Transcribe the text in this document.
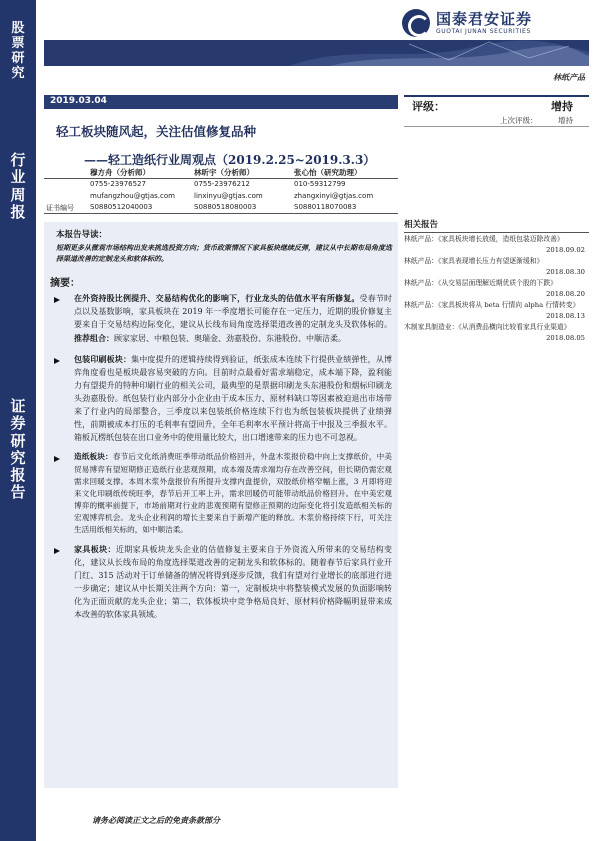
股
票
研
究
行
业
周
报
证
券
研
究
报
告
国泰君安证券
GUOTAI JUNAN SECURITIES
林纸产品
2019.03.04
轻工板块随风起，关注估值修复品种
——轻工造纸行业周观点（2019.2.25~2019.3.3）
评级：	增持
上次评级：	增持
穆方舟（分析师）	林昕宇（分析师）	张心怡（研究助理）
0755-23976527	0755-23976212	010-59312799
mufangzhou@gtjas.com	linxinyu@gtjas.com	zhangxinyi@gtjas.com
证书编号 S0880512040003	S0880518080003	S0880118070083
相关报告
林纸产品：《家具板块增长放缓，造纸包装迈除改善》
2018.09.02
林纸产品：《家具表现增长压力有望逐渐缓和》
2018.08.30
林纸产品：《从交易层面理解近期优质个股的下跌》
2018.08.20
林纸产品：《家具板块将从 beta 行情向 alpha 行情转变》
2018.08.13
木制家具制造业：《从消费品横向比较看家具行业渠道》
2018.08.05
本报告导读：
短期更多从微观市场结构出发来挑选投资方向；货币政策情况下家具板块继续反弹，建议从中长期布局角度选择渠道改善的定制龙头和软体标的。
摘要：
在外资持股比例提升、交易结构优化的影响下，行业龙头的估值水平有所修复。受春节时点以及基数影响，家具板块在 2019 年一季度增长可能存在一定压力，近期的股价修复主要来自于交易结构边际变化，建议从长线布局角度选择渠道改善的定制龙头及软体标的。推荐组合：顾家家居、中粮包装、奥瑞金、劲嘉股份、东港股份、中顺洁柔。
包装印刷板块：集中度提升的逻辑持续得到验证，纸张成本连续下行提供业绩弹性，从博弈角度看也是板块最容易突破的方向。目前时点最看好需求端稳定，成本端下降，盈利能力有望提升的特种印刷行业的相关公司，最典型的是票据印刷龙头东港股份和烟标印刷龙头劲嘉股份。纸包装行业内部分小企业由于成本压力、原材料缺口等因素被迫退出市场带来了行业内的局部整合，三季度以来包装纸价格连续下行也为纸包装板块提供了业绩弹性，前期被成本打压的毛利率有望回升，全年毛利率水平预计将高于中报及三季报水平。箱板瓦楞纸包装在出口业务中的使用量比较大，出口增速带来的压力也不可忽视。
造纸板块：春节后文化纸消费旺季带动纸品价格回升，外盘木浆报价稳中向上支撑纸价，中美贸易博弈有望短期修正造纸行业悲观预期，成本端及需求端均存在改善空间，但长期仍需宏观需求回暖支撑。本周木浆外盘报价有所提升支撑内盘提价，双胶纸价格窄幅上涨，3 月即将迎来文化印刷纸传统旺季，春节后开工率上升，需求回暖仍可能带动纸品价格回升。在中美宏观博弈的概率前提下，市场前期对行业的悲观预期有望修正预期的边际变化将引发造纸相关标的宏观博弈机会。龙头企业利润的增长主要来自于新增产能的释放。木浆价格持续下行，可关注生活用纸相关标的，如中顺洁柔。
家具板块：近期家具板块龙头企业的估值修复主要来自于外资流入所带来的交易结构变化，建议从长线布局的角度选择渠道改善的定制龙头和软体标的。随着春节后家具行业开门红、315 活动对于订单储备的情况将得到逐步反馈，我们有望对行业增长的底部进行进一步确定；建议从中长期关注两个方向：第一，定制板块中将整装模式发展的负面影响转化为正面贡献的龙头企业；第二，软体板块中竞争格局良好、原材料价格降幅明显带来成本改善的软体家具领域。
请务必阅读正文之后的免责条款部分
